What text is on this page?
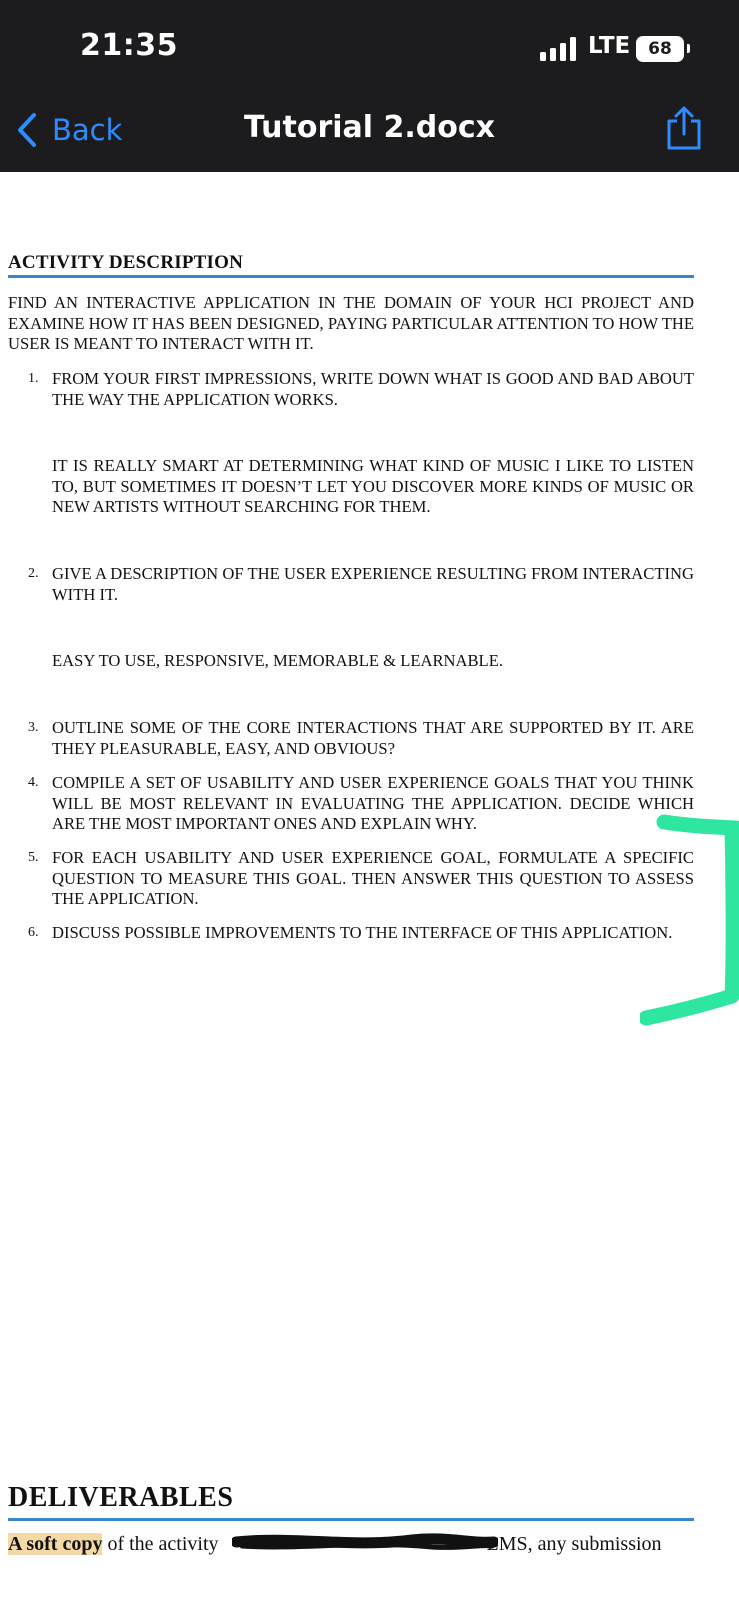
21:35	LTE	68
Back	Tutorial 2.docx
ACTIVITY DESCRIPTION
FIND AN INTERACTIVE APPLICATION IN THE DOMAIN OF YOUR HCI PROJECT AND EXAMINE HOW IT HAS BEEN DESIGNED, PAYING PARTICULAR ATTENTION TO HOW THE USER IS MEANT TO INTERACT WITH IT.
1. FROM YOUR FIRST IMPRESSIONS, WRITE DOWN WHAT IS GOOD AND BAD ABOUT THE WAY THE APPLICATION WORKS.
IT IS REALLY SMART AT DETERMINING WHAT KIND OF MUSIC I LIKE TO LISTEN TO, BUT SOMETIMES IT DOESN’T LET YOU DISCOVER MORE KINDS OF MUSIC OR NEW ARTISTS WITHOUT SEARCHING FOR THEM.
2. GIVE A DESCRIPTION OF THE USER EXPERIENCE RESULTING FROM INTERACTING WITH IT.
EASY TO USE, RESPONSIVE, MEMORABLE & LEARNABLE.
3. OUTLINE SOME OF THE CORE INTERACTIONS THAT ARE SUPPORTED BY IT. ARE THEY PLEASURABLE, EASY, AND OBVIOUS?
4. COMPILE A SET OF USABILITY AND USER EXPERIENCE GOALS THAT YOU THINK WILL BE MOST RELEVANT IN EVALUATING THE APPLICATION. DECIDE WHICH ARE THE MOST IMPORTANT ONES AND EXPLAIN WHY.
5. FOR EACH USABILITY AND USER EXPERIENCE GOAL, FORMULATE A SPECIFIC QUESTION TO MEASURE THIS GOAL. THEN ANSWER THIS QUESTION TO ASSESS THE APPLICATION.
6. DISCUSS POSSIBLE IMPROVEMENTS TO THE INTERFACE OF THIS APPLICATION.
DELIVERABLES
A soft copy of the activity	LMS, any submission
